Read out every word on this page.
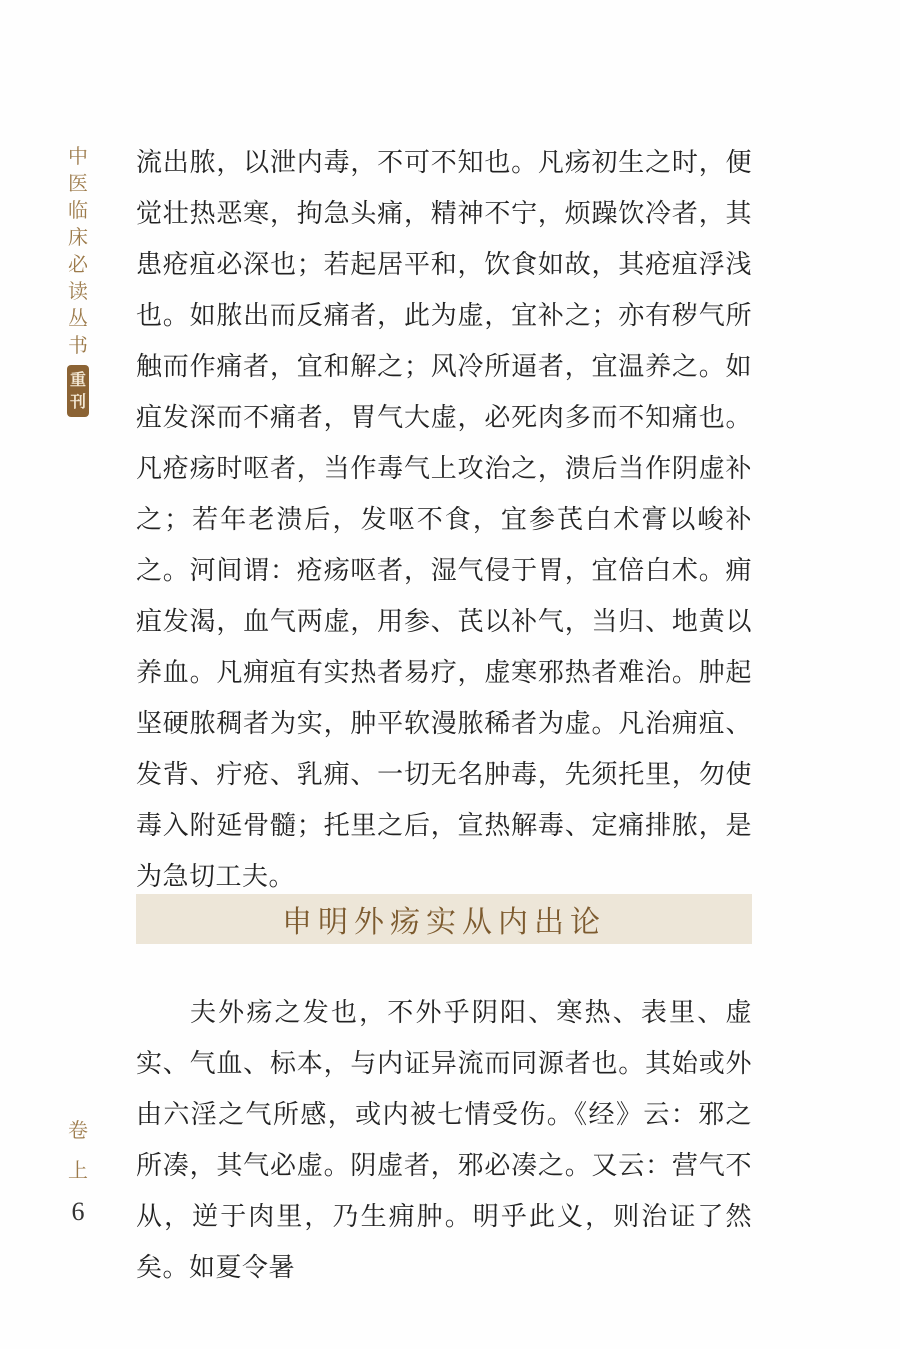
中
医
临
床
必
读
丛
书
重
刊
卷
上
6

流出脓，以泄内毒，不可不知也。凡疡初生之时，便觉壮热恶寒，拘急头痛，精神不宁，烦躁饮冷者，其患疮疽必深也；若起居平和，饮食如故，其疮疽浮浅也。如脓出而反痛者，此为虚，宜补之；亦有秽气所触而作痛者，宜和解之；风冷所逼者，宜温养之。如疽发深而不痛者，胃气大虚，必死肉多而不知痛也。凡疮疡时呕者，当作毒气上攻治之，溃后当作阴虚补之；若年老溃后，发呕不食，宜参芪白术膏以峻补之。河间谓：疮疡呕者，湿气侵于胃，宜倍白术。痈疽发渴，血气两虚，用参、芪以补气，当归、地黄以养血。凡痈疽有实热者易疗，虚寒邪热者难治。肿起坚硬脓稠者为实，肿平软漫脓稀者为虚。凡治痈疽、发背、疔疮、乳痈、一切无名肿毒，先须托里，勿使毒入附延骨髓；托里之后，宣热解毒、定痛排脓，是为急切工夫。

申明外疡实从内出论

夫外疡之发也，不外乎阴阳、寒热、表里、虚实、气血、标本，与内证异流而同源者也。其始或外由六淫之气所感，或内被七情受伤。《经》云：邪之所凑，其气必虚。阴虚者，邪必凑之。又云：营气不从，逆于肉里，乃生痈肿。明乎此义，则治证了然矣。如夏令暑
